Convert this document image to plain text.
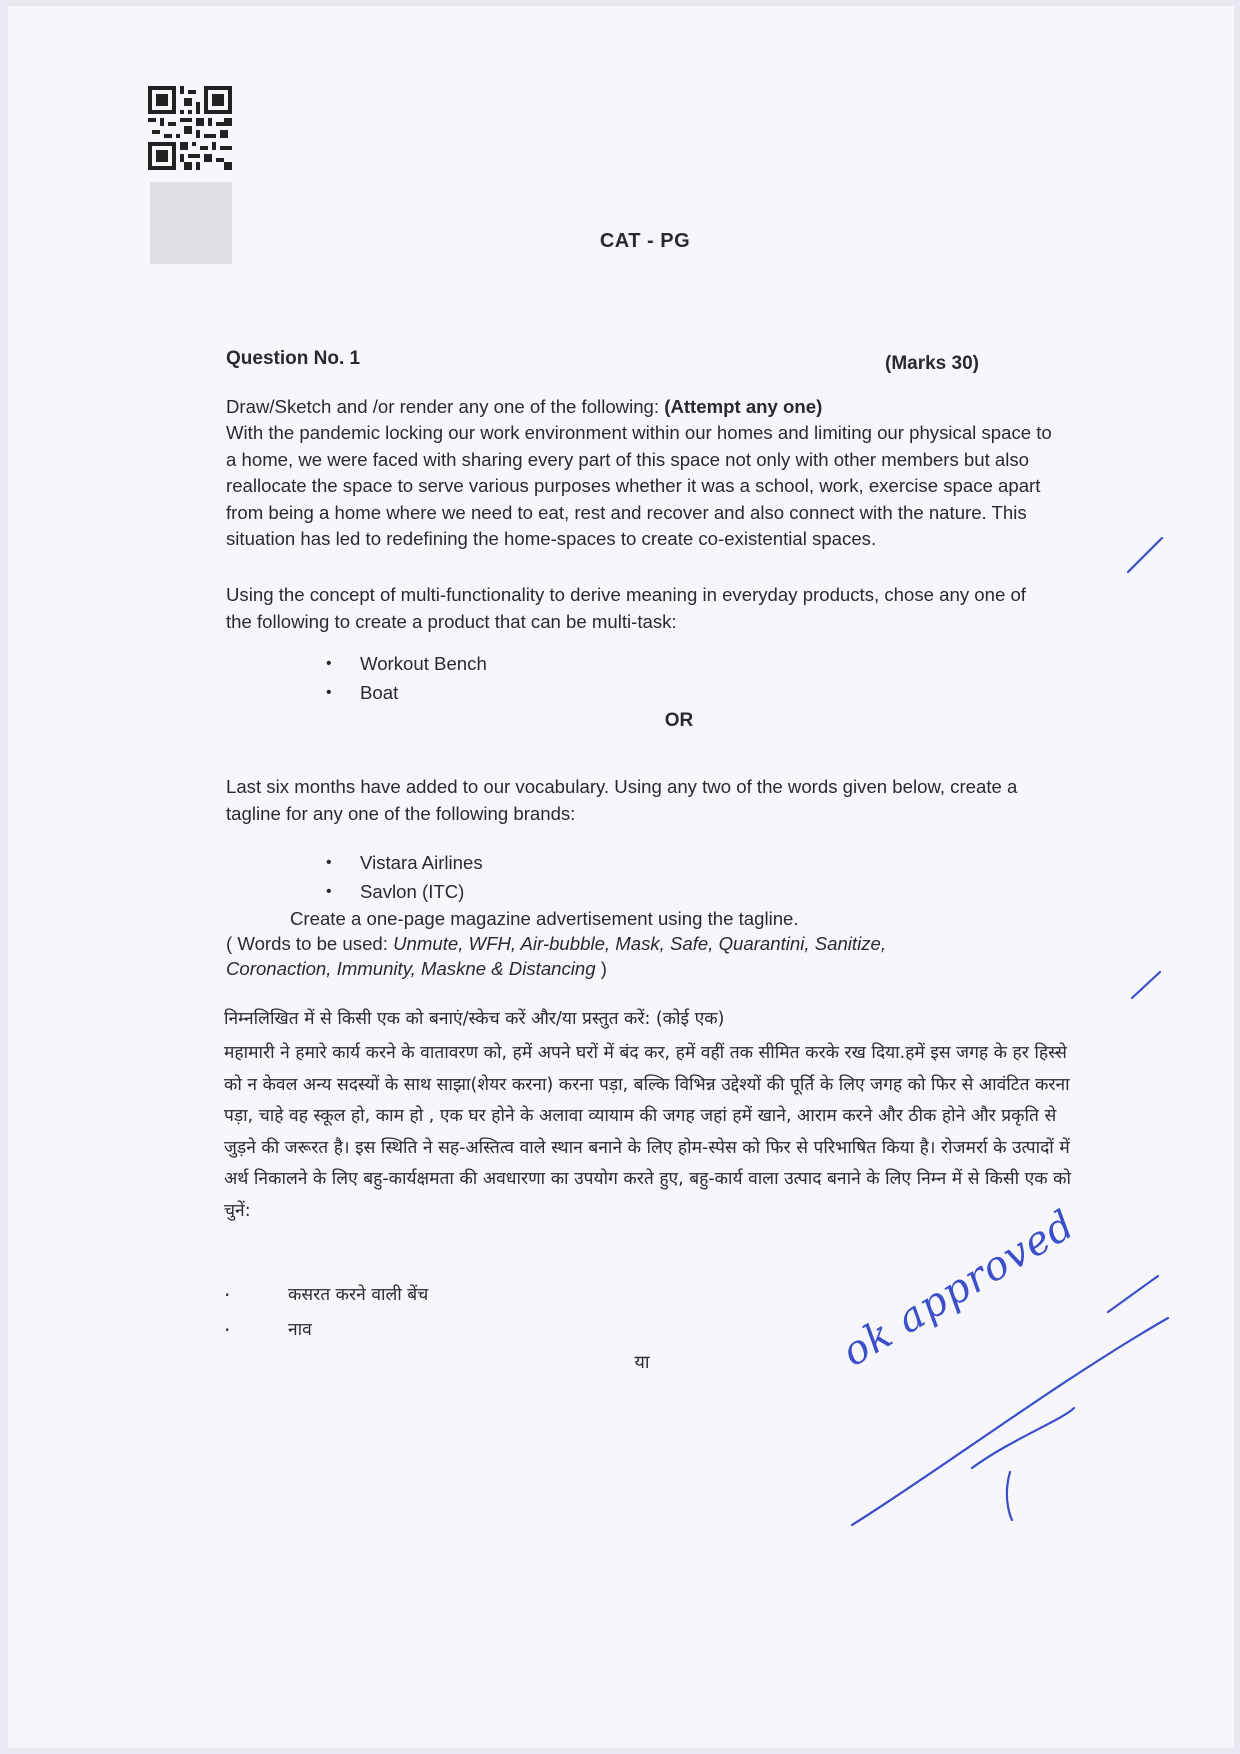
CAT - PG
Question No. 1	(Marks 30)
Draw/Sketch and /or render any one of the following: (Attempt any one)
With the pandemic locking our work environment within our homes and limiting our physical space to a home, we were faced with sharing every part of this space not only with other members but also reallocate the space to serve various purposes whether it was a school, work, exercise space apart from being a home where we need to eat, rest and recover and also connect with the nature. This situation has led to redefining the home-spaces to create co-existential spaces.
Using the concept of multi-functionality to derive meaning in everyday products, chose any one of the following to create a product that can be multi-task:
• Workout Bench
• Boat
OR
Last six months have added to our vocabulary. Using any two of the words given below, create a tagline for any one of the following brands:
• Vistara Airlines
• Savlon (ITC)
Create a one-page magazine advertisement using the tagline.
( Words to be used: Unmute, WFH, Air-bubble, Mask, Safe, Quarantini, Sanitize, Coronaction, Immunity, Maskne & Distancing )
निम्नलिखित में से किसी एक को बनाएं/स्केच करें और/या प्रस्तुत करें: (कोई एक)
महामारी ने हमारे कार्य करने के वातावरण को, हमें अपने घरों में बंद कर, हमें वहीं तक सीमित करके रख दिया.हमें इस जगह के हर हिस्से को न केवल अन्य सदस्यों के साथ साझा(शेयर करना) करना पड़ा, बल्कि विभिन्न उद्देश्यों की पूर्ति के लिए जगह को फिर से आवंटित करना पड़ा, चाहे वह स्कूल हो, काम हो , एक घर होने के अलावा व्यायाम की जगह जहां हमें खाने, आराम करने और ठीक होने और प्रकृति से जुड़ने की जरूरत है। इस स्थिति ने सह-अस्तित्व वाले स्थान बनाने के लिए होम-स्पेस को फिर से परिभाषित किया है। रोजमर्रा के उत्पादों में अर्थ निकालने के लिए बहु-कार्यक्षमता की अवधारणा का उपयोग करते हुए, बहु-कार्य वाला उत्पाद बनाने के लिए निम्न में से किसी एक को चुनें:
· कसरत करने वाली बेंच
· नाव
या	ok approved
